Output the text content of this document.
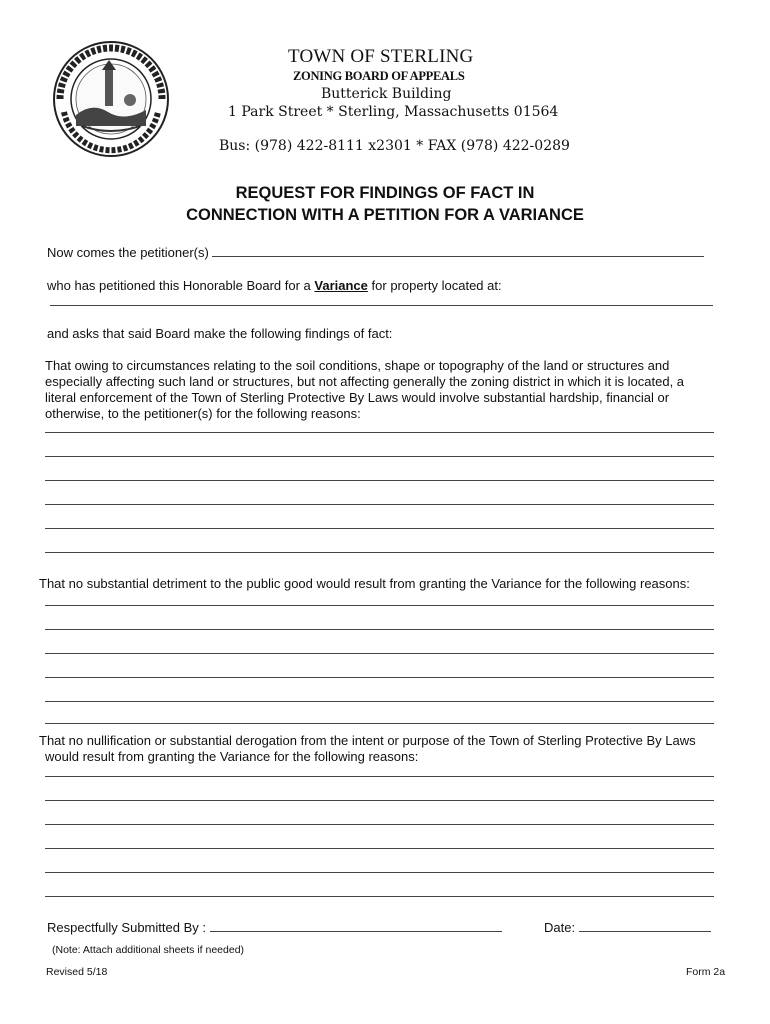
TOWN OF STERLING
ZONING BOARD OF APPEALS
Butterick Building
1 Park Street * Sterling, Massachusetts 01564
Bus: (978) 422-8111 x2301 * FAX (978) 422-0289
REQUEST FOR FINDINGS OF FACT IN
CONNECTION WITH A PETITION FOR A VARIANCE
Now comes the petitioner(s)
who has petitioned this Honorable Board for a Variance for property located at:
and asks that said Board make the following findings of fact:
That owing to circumstances relating to the soil conditions, shape or topography of the land or structures and
especially affecting such land or structures, but not affecting generally the zoning district in which it is located, a
literal enforcement of the Town of Sterling Protective By Laws would involve substantial hardship, financial or
otherwise, to the petitioner(s) for the following reasons:
That no substantial detriment to the public good would result from granting the Variance for the following reasons:
That no nullification or substantial derogation from the intent or purpose of the Town of Sterling Protective By Laws
would result from granting the Variance for the following reasons:
Respectfully Submitted By :	Date:
(Note: Attach additional sheets if needed)
Revised 5/18	Form 2a
